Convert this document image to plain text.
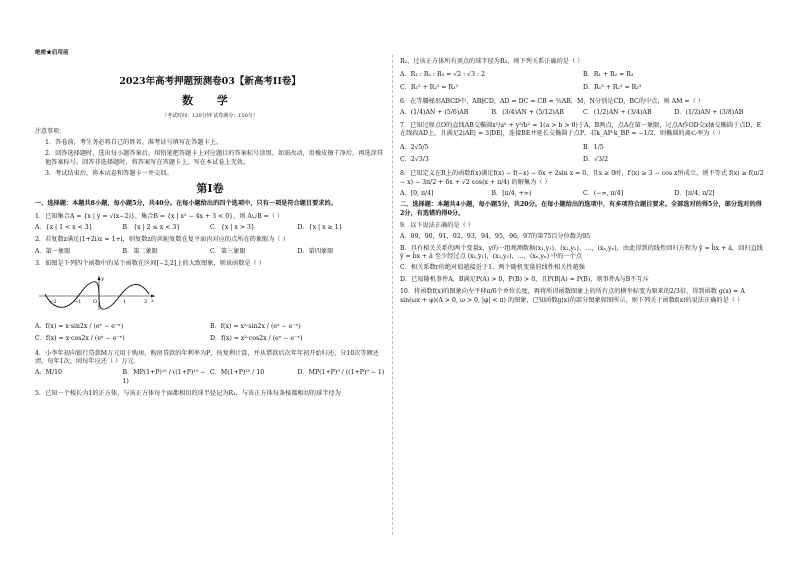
绝密★启用前
2023年高考押题预测卷03【新高考II卷】
数 学
（考试时间：120分钟 试卷满分：150分）
注意事项：
1．答卷前，考生务必将自己的姓名、准考证号填写在答题卡上。
2．回答选择题时，选出每小题答案后，用铅笔把答题卡上对应题目的答案标号涂黑。如需改动，用橡皮擦干净后，再选涂其他答案标号。回答非选择题时，将答案写在答题卡上。写在本试卷上无效。
3．考试结束后，将本试卷和答题卡一并交回。
第Ⅰ卷
一、选择题：本题共8小题，每小题5分，共40分。在每小题给出的四个选项中，只有一项是符合题目要求的。
1．已知集合A = {x | y = √(x−2)}，集合B = {x | x² − 4x + 3 < 0}，则 A∪B =（ ）
A．{x | 1 < x < 3}	B．{x | 2 ≤ x < 3}	C．{x | x > 3}	D．{x | x ≥ 1}
2．若复数z满足(1+2i)z = 1+i，则复数z的共轭复数在复平面内对应的点所在的象限为（ ）
A．第一象限	B．第二象限	C．第三象限	D．第四象限
3．如图是下列四个函数中的某个函数在区间[−2,2]上的大致图象，则该函数是（ ）
−2	−1 O	1	2 x
y
A．f(x) = x·sin2x / (eˣ − e⁻ˣ)	B．f(x) = x²·sin2x / (eˣ − e⁻ˣ)
C．f(x) = x·cos2x / (eˣ − e⁻ˣ)	D．f(x) = x²·cos2x / (eˣ − e⁻ˣ)
4．小李年初向银行贷款M万元用于购房，购房贷款的年利率为P，按复利计算，并从借款后次年年初开始归还，分10次等额还清，每年1次，问每年应还（ ）万元．
A．M/10	B．MP(1+P)¹⁰ / ((1+P)¹⁰ − 1)
C．M(1+P)¹⁰ / 10	D．MP(1+P)⁹ / ((1+P)⁹ − 1)
5．已知一个棱长为1的正方体，与该正方体每个面都相切的球半径记为R₁，与该正方体每条棱都相切的球半径为
R₂，过该正方体所有顶点的球半径为R₃，则下列关系正确的是（ ）
A．R₁ : R₂ : R₃ = √2 : √3 : 2	B．R₁ + R₂ = R₃
C．R₁² + R₂² = R₃²	D．R₁³ + R₂³ = R₃³
6．在等腰梯形ABCD中，AB∥CD，AD = DC = CB = ½AB，M，N分别是CD，BC的中点，则 AM =（ ）
A．(1/4)AN + (5/6)AB	B．(3/4)AN + (5/12)AB	C．(1/2)AN + (3/4)AB	D．(1/2)AN + (3/8)AB
7．已知过原点O的直线AB交椭圆x²/a² + y²/b² = 1(a > b > 0)于A，B两点，点A在第一象限，过点A作OD交x轴交椭圆于点D，E在线段AD上，且满足2|AE| = 3|DE|，连接BE并延长交椭圆于点P，若k_AP·k_BP = −1/2，则椭圆的离心率为（ ）
A．2√5/5	B．1/5
C．2√3/3	D．√3/2
8．已知定义在R上的函数f(x)满足f(x) − f(−x) − 6x + 2sin x = 0，且x ≥ 0时，f′(x) ≥ 3 − cos x恒成立，则不等式 f(x) ≥ f(π/2 − x) − 3π/2 + 6x + √2 cos(x + π/4) 的解集为（ ）
A．[0, π/4]	B．[π/4, +∞)	C．(−∞, π/4]	D．[π/4, π/2]
二、选择题：本题共4小题，每小题5分，共20分。在每小题给出的选项中，有多项符合题目要求。全部选对的得5分，部分选对的得2分，有选错的得0分。
9．以下说法正确的是（ ）
A．89，90，91，92，93，94，95，96，97的第75百分位数为95
B．具有相关关系的两个变量x，y的一组观测数据(x₁,y₁)，(x₂,y₂)，…，(xₙ,yₙ)，由此得到的线性回归方程为 ŷ = b̂x + â，回归直线 ŷ = b̂x + â 至少经过点 (x₁,y₁)，(x₂,y₂)，…，(xₙ,yₙ) 中的一个点
C．相关系数r的绝对值越接近于1，两个随机变量的线性相关性越强
D．已知随机事件A，B满足P(A) > 0，P(B) > 0，且P(B|A) = P(B)，则事件A与B不互斥
10．将函数f(x)的图象向左平移π/6个单位长度，再将所得函数图象上的所有点的横坐标变为原来的2/3倍，得到函数 g(x) = A sin(ωx + φ)(A > 0, ω > 0, |φ| < π) 的图象，已知函数g(x)的部分图象如图所示，则下列关于函数f(x)的说法正确的是（ ）
